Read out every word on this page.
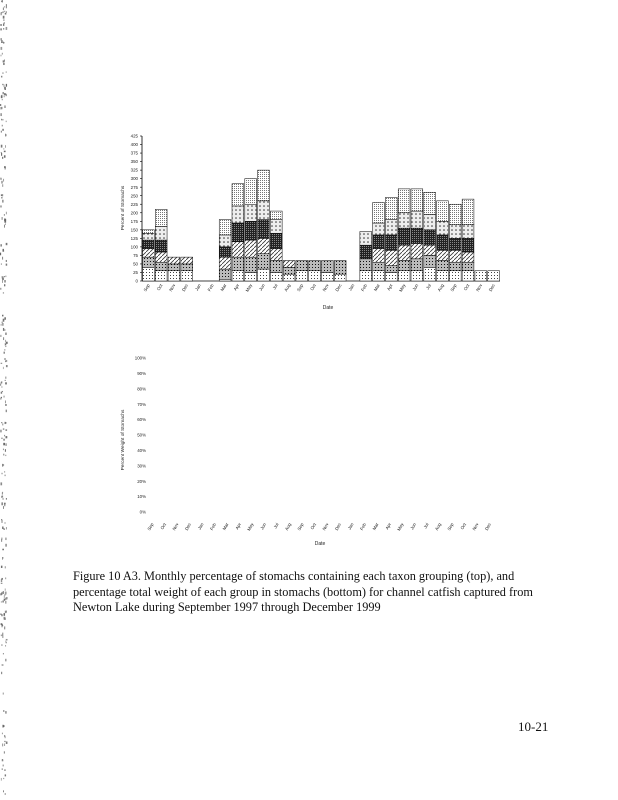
0
25
50
75
100
125
150
175
200
225
250
275
300
325
350
375
400
425
Sep Oct Nov Dec Jan Feb Mar Apr May Jun Jul Aug Sep Oct Nov Dec Jan Feb Mar Apr May Jun Jul Aug Sep Oct Nov Dec
Percent of Stomachs
Date
0%
10%
20%
30%
40%
50%
60%
70%
80%
90%
100%
Sep Oct Nov Dec Jan Feb Mar Apr May Jun Jul Aug Sep Oct Nov Dec Jan Feb Mar Apr May Jun Jul Aug Sep Oct Nov Dec
Percent Weight of Stomachs
Date
Figure 10 A3. Monthly percentage of stomachs containing each taxon grouping (top), and
percentage total weight of each group in stomachs (bottom) for channel catfish captured from
Newton Lake during September 1997 through December 1999
10-21
